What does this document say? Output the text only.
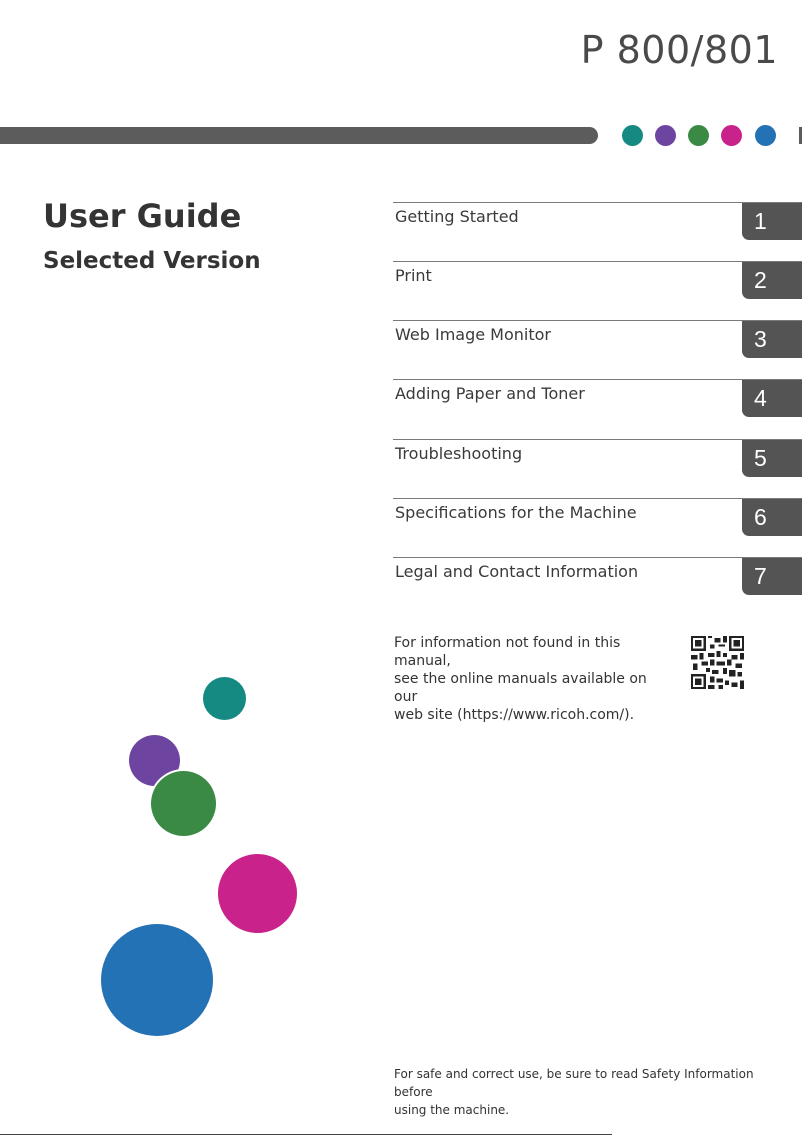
P 800/801
User Guide
Selected Version
Getting Started	1
Print	2
Web Image Monitor	3
Adding Paper and Toner	4
Troubleshooting	5
Specifications for the Machine	6
Legal and Contact Information	7
For information not found in this manual,
see the online manuals available on our
web site (https://www.ricoh.com/).
For safe and correct use, be sure to read Safety Information before
using the machine.
